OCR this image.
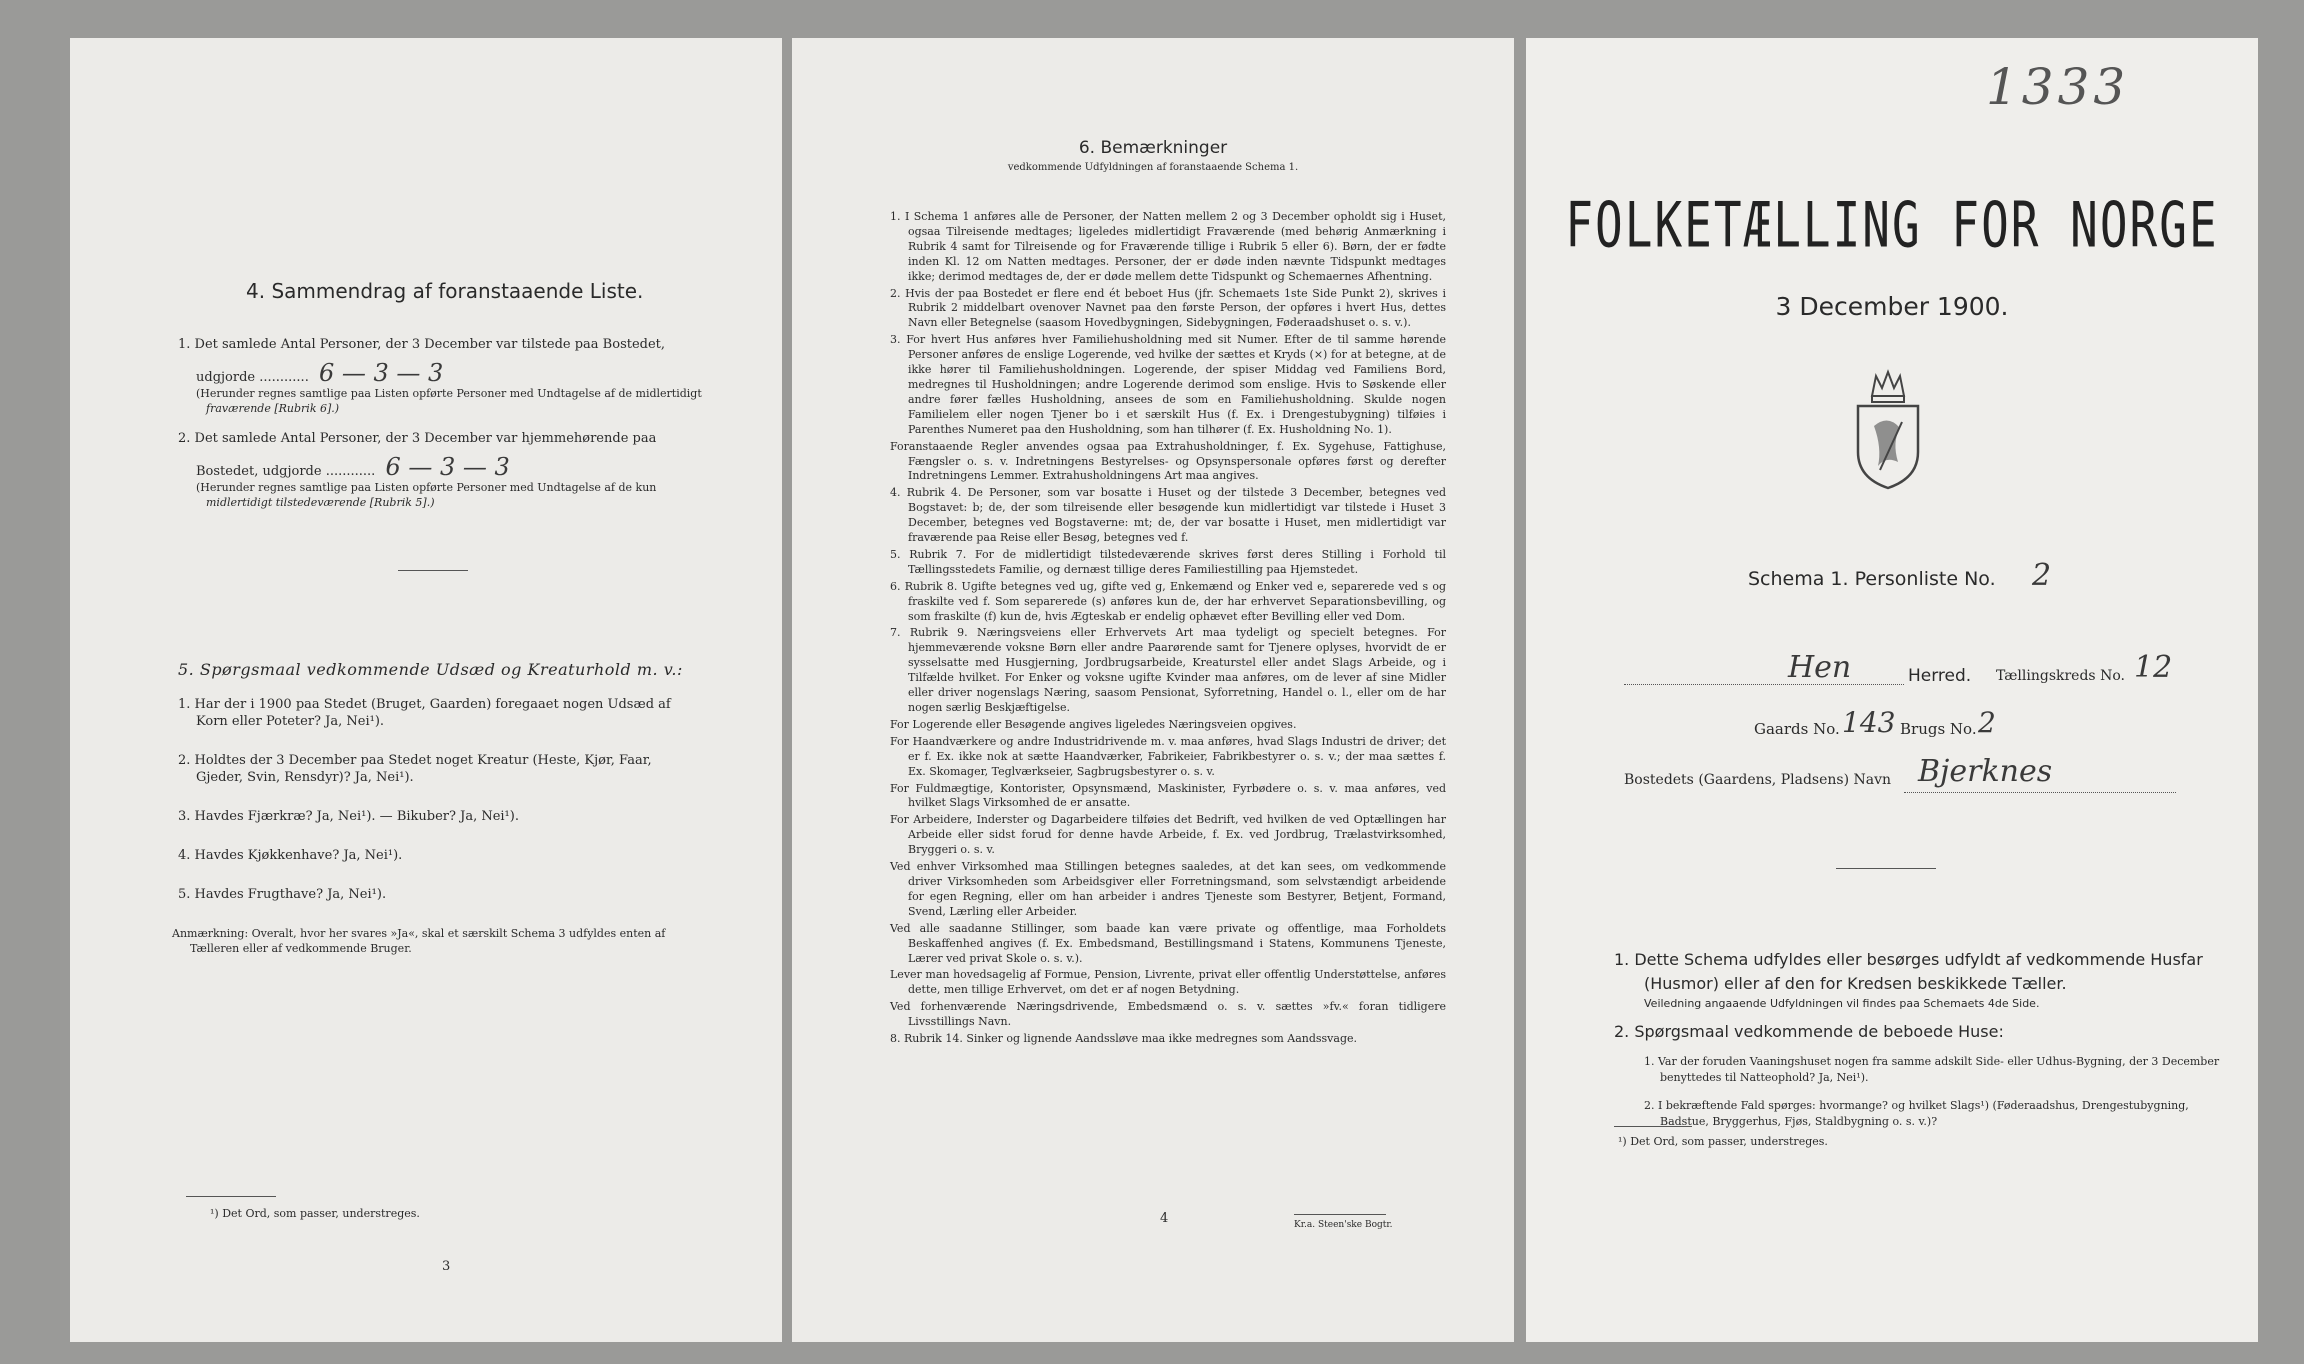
4. Sammendrag af foranstaaende Liste.
1. Det samlede Antal Personer, der 3 December var tilstede paa Bostedet,
udgjorde ............ 6 — 3 — 3
(Herunder regnes samtlige paa Listen opførte Personer med Undtagelse af de midlertidigt
fraværende [Rubrik 6].)
2. Det samlede Antal Personer, der 3 December var hjemmehørende paa
Bostedet, udgjorde ............ 6 — 3 — 3
(Herunder regnes samtlige paa Listen opførte Personer med Undtagelse af de kun
midlertidigt tilstedeværende [Rubrik 5].)
5. Spørgsmaal vedkommende Udsæd og Kreaturhold m. v.:

1. Har der i 1900 paa Stedet (Bruget, Gaarden) foregaaet nogen Udsæd af
Korn eller Poteter? Ja, Nei¹).

2. Holdtes der 3 December paa Stedet noget Kreatur (Heste, Kjør, Faar,
Gjeder, Svin, Rensdyr)? Ja, Nei¹).

3. Havdes Fjærkræ? Ja, Nei¹). — Bikuber? Ja, Nei¹).

4. Havdes Kjøkkenhave? Ja, Nei¹).

5. Havdes Frugthave? Ja, Nei¹).

Anmærkning: Overalt, hvor her svares »Ja«, skal et særskilt Schema 3 udfyldes enten af
Tælleren eller af vedkommende Bruger.
¹) Det Ord, som passer, understreges.
3
6. Bemærkninger
vedkommende Udfyldningen af foranstaaende Schema 1.

1. I Schema 1 anføres alle de Personer, der Natten mellem 2 og 3 December opholdt sig i Huset, ogsaa Tilreisende medtages; ligeledes midlertidigt Fraværende (med behørig Anmærkning i Rubrik 4 samt for Tilreisende og for Fraværende tillige i Rubrik 5 eller 6). Børn, der er fødte inden Kl. 12 om Natten medtages. Personer, der er døde inden nævnte Tidspunkt medtages ikke; derimod medtages de, der er døde mellem dette Tidspunkt og Schemaernes Afhentning.

2. Hvis der paa Bostedet er flere end ét beboet Hus (jfr. Schemaets 1ste Side Punkt 2), skrives i Rubrik 2 middelbart ovenover Navnet paa den første Person, der opføres i hvert Hus, dettes Navn eller Betegnelse (saasom Hovedbygningen, Sidebygningen, Føderaadshuset o. s. v.).

3. For hvert Hus anføres hver Familiehusholdning med sit Numer. Efter de til samme hørende Personer anføres de enslige Logerende, ved hvilke der sættes et Kryds (×) for at betegne, at de ikke hører til Familiehusholdningen. Logerende, der spiser Middag ved Familiens Bord, medregnes til Husholdningen; andre Logerende derimod som enslige. Hvis to Søskende eller andre fører fælles Husholdning, ansees de som en Familiehusholdning. Skulde nogen Familielem eller nogen Tjener bo i et særskilt Hus (f. Ex. i Drengestubygning) tilføies i Parenthes Numeret paa den Husholdning, som han tilhører (f. Ex. Husholdning No. 1).

Foranstaaende Regler anvendes ogsaa paa Extrahusholdninger, f. Ex. Sygehuse, Fattighuse, Fængsler o. s. v. Indretningens Bestyrelses- og Opsynspersonale opføres først og derefter Indretningens Lemmer. Extrahusholdningens Art maa angives.

4. Rubrik 4. De Personer, som var bosatte i Huset og der tilstede 3 December, betegnes ved Bogstavet: b; de, der som tilreisende eller besøgende kun midlertidigt var tilstede i Huset 3 December, betegnes ved Bogstaverne: mt; de, der var bosatte i Huset, men midlertidigt var fraværende paa Reise eller Besøg, betegnes ved f.

5. Rubrik 7. For de midlertidigt tilstedeværende skrives først deres Stilling i Forhold til Tællingsstedets Familie, og dernæst tillige deres Familiestilling paa Hjemstedet.

6. Rubrik 8. Ugifte betegnes ved ug, gifte ved g, Enkemænd og Enker ved e, separerede ved s og fraskilte ved f. Som separerede (s) anføres kun de, der har erhvervet Separationsbevilling, og som fraskilte (f) kun de, hvis Ægteskab er endelig ophævet efter Bevilling eller ved Dom.

7. Rubrik 9. Næringsveiens eller Erhvervets Art maa tydeligt og specielt betegnes. For hjemmeværende voksne Børn eller andre Paarørende samt for Tjenere oplyses, hvorvidt de er sysselsatte med Husgjerning, Jordbrugsarbeide, Kreaturstel eller andet Slags Arbeide, og i Tilfælde hvilket. For Enker og voksne ugifte Kvinder maa anføres, om de lever af sine Midler eller driver nogenslags Næring, saasom Pensionat, Syforretning, Handel o. l., eller om de har nogen særlig Beskjæftigelse.

For Logerende eller Besøgende angives ligeledes Næringsveien opgives.

For Haandværkere og andre Industridrivende m. v. maa anføres, hvad Slags Industri de driver; det er f. Ex. ikke nok at sætte Haandværker, Fabrikeier, Fabrikbestyrer o. s. v.; der maa sættes f. Ex. Skomager, Teglværkseier, Sagbrugsbestyrer o. s. v.

For Fuldmægtige, Kontorister, Opsynsmænd, Maskinister, Fyrbødere o. s. v. maa anføres, ved hvilket Slags Virksomhed de er ansatte.

For Arbeidere, Inderster og Dagarbeidere tilføies det Bedrift, ved hvilken de ved Optællingen har Arbeide eller sidst forud for denne havde Arbeide, f. Ex. ved Jordbrug, Trælastvirksomhed, Bryggeri o. s. v.

Ved enhver Virksomhed maa Stillingen betegnes saaledes, at det kan sees, om vedkommende driver Virksomheden som Arbeidsgiver eller Forretningsmand, som selvstændigt arbeidende for egen Regning, eller om han arbeider i andres Tjeneste som Bestyrer, Betjent, Formand, Svend, Lærling eller Arbeider.

Ved alle saadanne Stillinger, som baade kan være private og offentlige, maa Forholdets Beskaffenhed angives (f. Ex. Embedsmand, Bestillingsmand i Statens, Kommunens Tjeneste, Lærer ved privat Skole o. s. v.).

Lever man hovedsagelig af Formue, Pension, Livrente, privat eller offentlig Understøttelse, anføres dette, men tillige Erhvervet, om det er af nogen Betydning.

Ved forhenværende Næringsdrivende, Embedsmænd o. s. v. sættes »fv.« foran tidligere Livsstillings Navn.

8. Rubrik 14. Sinker og lignende Aandssløve maa ikke medregnes som Aandssvage.

4	Kr.a. Steen'ske Bogtr.
1333
FOLKETÆLLING FOR NORGE
3 December 1900.
Schema 1. Personliste No. 2
Hen	Herred. Tællingskreds No. 12
Gaards No. 143 Brugs No. 2
Bostedets (Gaardens, Pladsens) Navn Bjerknes
1. Dette Schema udfyldes eller besørges udfyldt af vedkommende Husfar (Husmor) eller af den for Kredsen beskikkede Tæller.
Veiledning angaaende Udfyldningen vil findes paa Schemaets 4de Side.
2. Spørgsmaal vedkommende de beboede Huse:
1. Var der foruden Vaaningshuset nogen fra samme adskilt Side- eller Udhus-Bygning, der 3 December benyttedes til Natteophold? Ja, Nei¹).
2. I bekræftende Fald spørges: hvormange? og hvilket Slags¹) (Føderaadshus, Drengestubygning, Badstue, Bryggerhus, Fjøs, Staldbygning o. s. v.)?
¹) Det Ord, som passer, understreges.
